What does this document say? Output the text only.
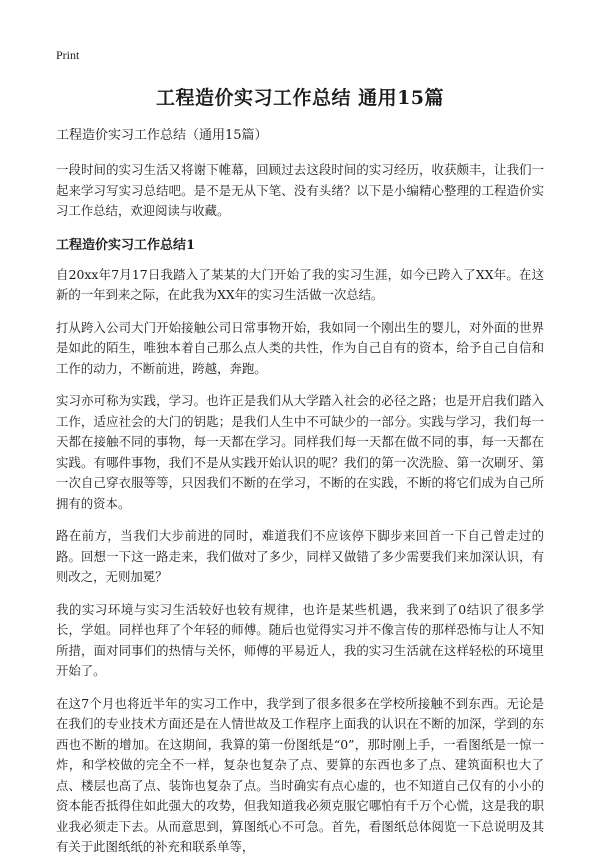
Print
工程造价实习工作总结 通用15篇
工程造价实习工作总结（通用15篇）

一段时间的实习生活又将谢下帷幕，回顾过去这段时间的实习经历，收获颇丰，让我们一起来学习写实习总结吧。是不是无从下笔、没有头绪？以下是小编精心整理的工程造价实习工作总结，欢迎阅读与收藏。

工程造价实习工作总结1

自20xx年7月17日我踏入了某某的大门开始了我的实习生涯，如今已跨入了XX年。在这新的一年到来之际，在此我为XX年的实习生活做一次总结。

打从跨入公司大门开始接触公司日常事物开始，我如同一个刚出生的婴儿，对外面的世界是如此的陌生，唯独本着自己那么点人类的共性，作为自己自有的资本，给予自己自信和工作的动力，不断前进，跨越，奔跑。

实习亦可称为实践，学习。也许正是我们从大学踏入社会的必径之路；也是开启我们踏入工作，适应社会的大门的钥匙；是我们人生中不可缺少的一部分。实践与学习，我们每一天都在接触不同的事物，每一天都在学习。同样我们每一天都在做不同的事，每一天都在实践。有哪件事物，我们不是从实践开始认识的呢？我们的第一次洗脸、第一次刷牙、第一次自己穿衣服等等，只因我们不断的在学习，不断的在实践，不断的将它们成为自己所拥有的资本。

路在前方，当我们大步前进的同时，难道我们不应该停下脚步来回首一下自己曾走过的路。回想一下这一路走来，我们做对了多少，同样又做错了多少需要我们来加深认识，有则改之，无则加冕？

我的实习环境与实习生活较好也较有规律，也许是某些机遇，我来到了0结识了很多学长，学姐。同样也拜了个年轻的师傅。随后也觉得实习并不像言传的那样恐怖与让人不知所措，面对同事们的热情与关怀，师傅的平易近人，我的实习生活就在这样轻松的环境里开始了。

在这7个月也将近半年的实习工作中，我学到了很多很多在学校所接触不到东西。无论是在我们的专业技术方面还是在人情世故及工作程序上面我的认识在不断的加深，学到的东西也不断的增加。在这期间，我算的第一份图纸是“0”，那时刚上手，一看图纸是一惊一炸，和学校做的完全不一样，复杂也复杂了点、要算的东西也多了点、建筑面积也大了点、楼层也高了点、装饰也复杂了点。当时确实有点心虚的，也不知道自己仅有的小小的资本能否抵得住如此强大的攻势，但我知道我必须克服它哪怕有千万个心慌，这是我的职业我必须走下去。从而意思到，算图纸心不可急。首先，看图纸总体阅览一下总说明及其有关于此图纸纸的补充和联系单等，
